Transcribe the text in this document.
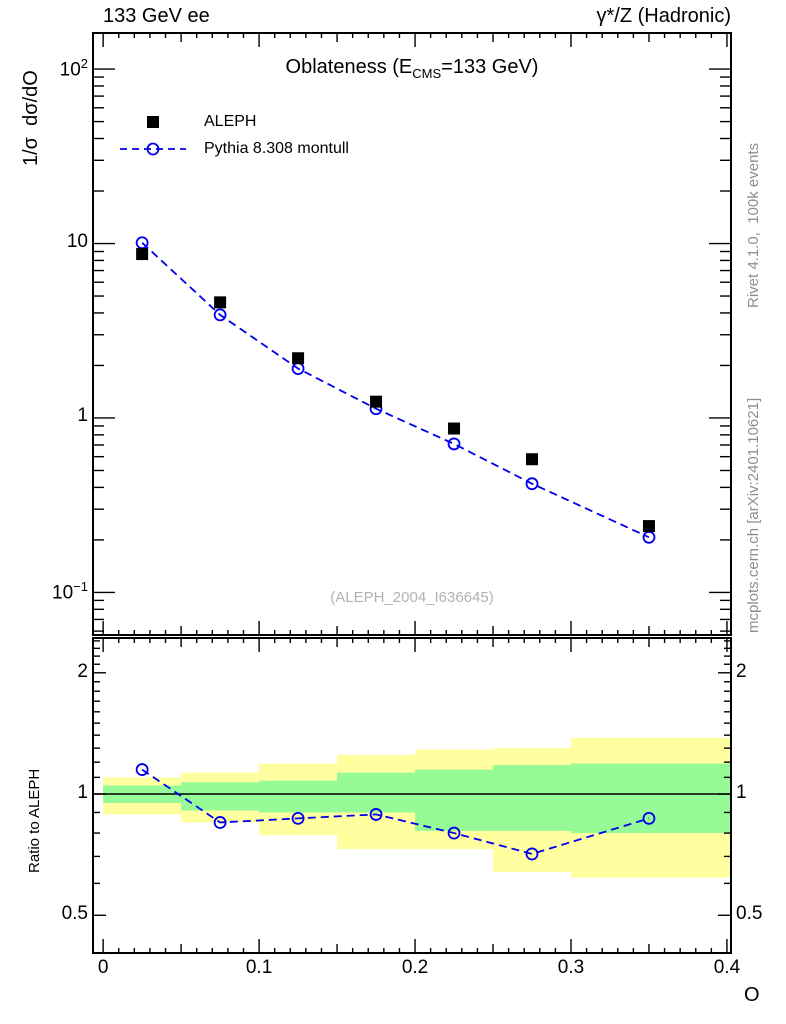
133 GeV ee	γ*/Z (Hadronic)
Oblateness ($E_{CMS}=133$ GeV)
ALEPH
Pythia 8.308 montull
1/σ  dσ/dO
Ratio to ALEPH
O
(ALEPH_2004_I636645)
Rivet 4.1.0,  100k events
mcplots.cern.ch [arXiv:2401.10621]
$10^2$
10
1
$10^{-1}$
2	2
1	1
0.5	0.5
0	0.1	0.2	0.3	0.4
